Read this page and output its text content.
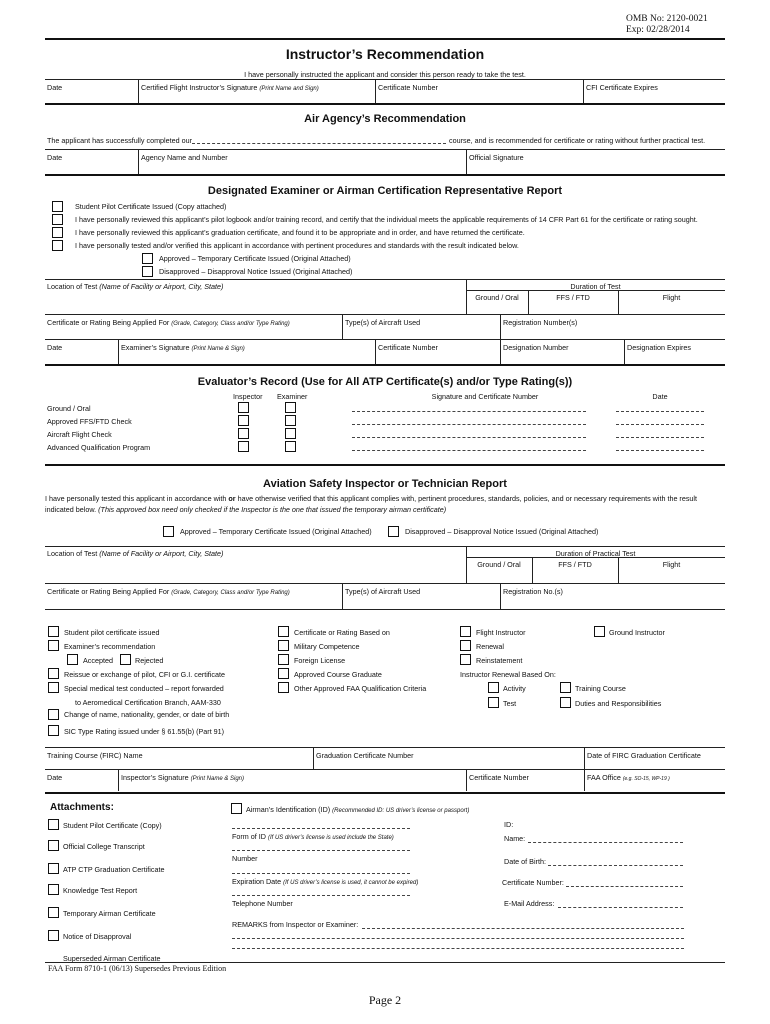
OMB No: 2120-0021
Exp: 02/28/2014
Instructor’s Recommendation
I have personally instructed the applicant and consider this person ready to take the test.
Date	Certified Flight Instructor’s Signature (Print Name and Sign)	Certificate Number	CFI Certificate Expires
Air Agency’s Recommendation
The applicant has successfully completed our	course, and is recommended for certificate or rating without further practical test.
Date	Agency Name and Number	Official Signature
Designated Examiner or Airman Certification Representative Report
Student Pilot Certificate Issued (Copy attached)
I have personally reviewed this applicant’s pilot logbook and/or training record, and certify that the individual meets the applicable requirements of 14 CFR Part 61 for the certificate or rating sought.
I have personally reviewed this applicant’s graduation certificate, and found it to be appropriate and in order, and have returned the certificate.
I have personally tested and/or verified this applicant in accordance with pertinent procedures and standards with the result indicated below.
Approved – Temporary Certificate Issued (Original Attached)
Disapproved – Disapproval Notice Issued (Original Attached)
Location of Test (Name of Facility or Airport, City, State)	Duration of Test
Ground / Oral	FFS / FTD	Flight
Certificate or Rating Being Applied For (Grade, Category, Class and/or Type Rating)	Type(s) of Aircraft Used	Registration Number(s)
Date	Examiner’s Signature (Print Name & Sign)	Certificate Number	Designation Number	Designation Expires
Evaluator’s Record (Use for All ATP Certificate(s) and/or Type Rating(s))
Inspector Examiner	Signature and Certificate Number	Date
Ground / Oral
Approved FFS/FTD Check
Aircraft Flight Check
Advanced Qualification Program
Aviation Safety Inspector or Technician Report
I have personally tested this applicant in accordance with or have otherwise verified that this applicant complies with, pertinent procedures, standards, policies, and or necessary requirements with the result
indicated below. (This approved box need only checked if the Inspector is the one that issued the temporary airman certificate)
Approved – Temporary Certificate Issued (Original Attached)	Disapproved – Disapproval Notice Issued (Original Attached)
Location of Test (Name of Facility or Airport, City, State)	Duration of Practical Test
Ground / Oral	FFS / FTD	Flight
Certificate or Rating Being Applied For (Grade, Category, Class and/or Type Rating)	Type(s) of Aircraft Used	Registration No.(s)
Student pilot certificate issued
Examiner’s recommendation
Accepted	Rejected
Reissue or exchange of pilot, CFI or G.I. certificate
Special medical test conducted – report forwarded
to Aeromedical Certification Branch, AAM-330
Change of name, nationality, gender, or date of birth
SIC Type Rating issued under § 61.55(b) (Part 91)
Certificate or Rating Based on
Military Competence
Foreign License
Approved Course Graduate
Other Approved FAA Qualification Criteria
Flight Instructor
Renewal
Reinstatement
Instructor Renewal Based On:
Activity
Test
Ground Instructor
Training Course
Duties and Responsibilities
Training Course (FIRC) Name	Graduation Certificate Number	Date of FIRC Graduation Certificate
Date	Inspector’s Signature (Print Name & Sign)	Certificate Number	FAA Office (e.g. SO-15, WP-19 )
Attachments:
Student Pilot Certificate (Copy)
Official College Transcript
ATP CTP Graduation Certificate
Knowledge Test Report
Temporary Airman Certificate
Notice of Disapproval
Superseded Airman Certificate
Airman’s Identification (ID) (Recommended ID: US driver’s license or passport)
Form of ID (If US driver’s license is used include the State)
Number
Expiration Date (If US driver’s license is used, it cannot be expired)
Telephone Number
ID:
Name:
Date of Birth:
Certificate Number:
E-Mail Address:
REMARKS from Inspector or Examiner:
FAA Form 8710-1 (06/13) Supersedes Previous Edition
Page 2
